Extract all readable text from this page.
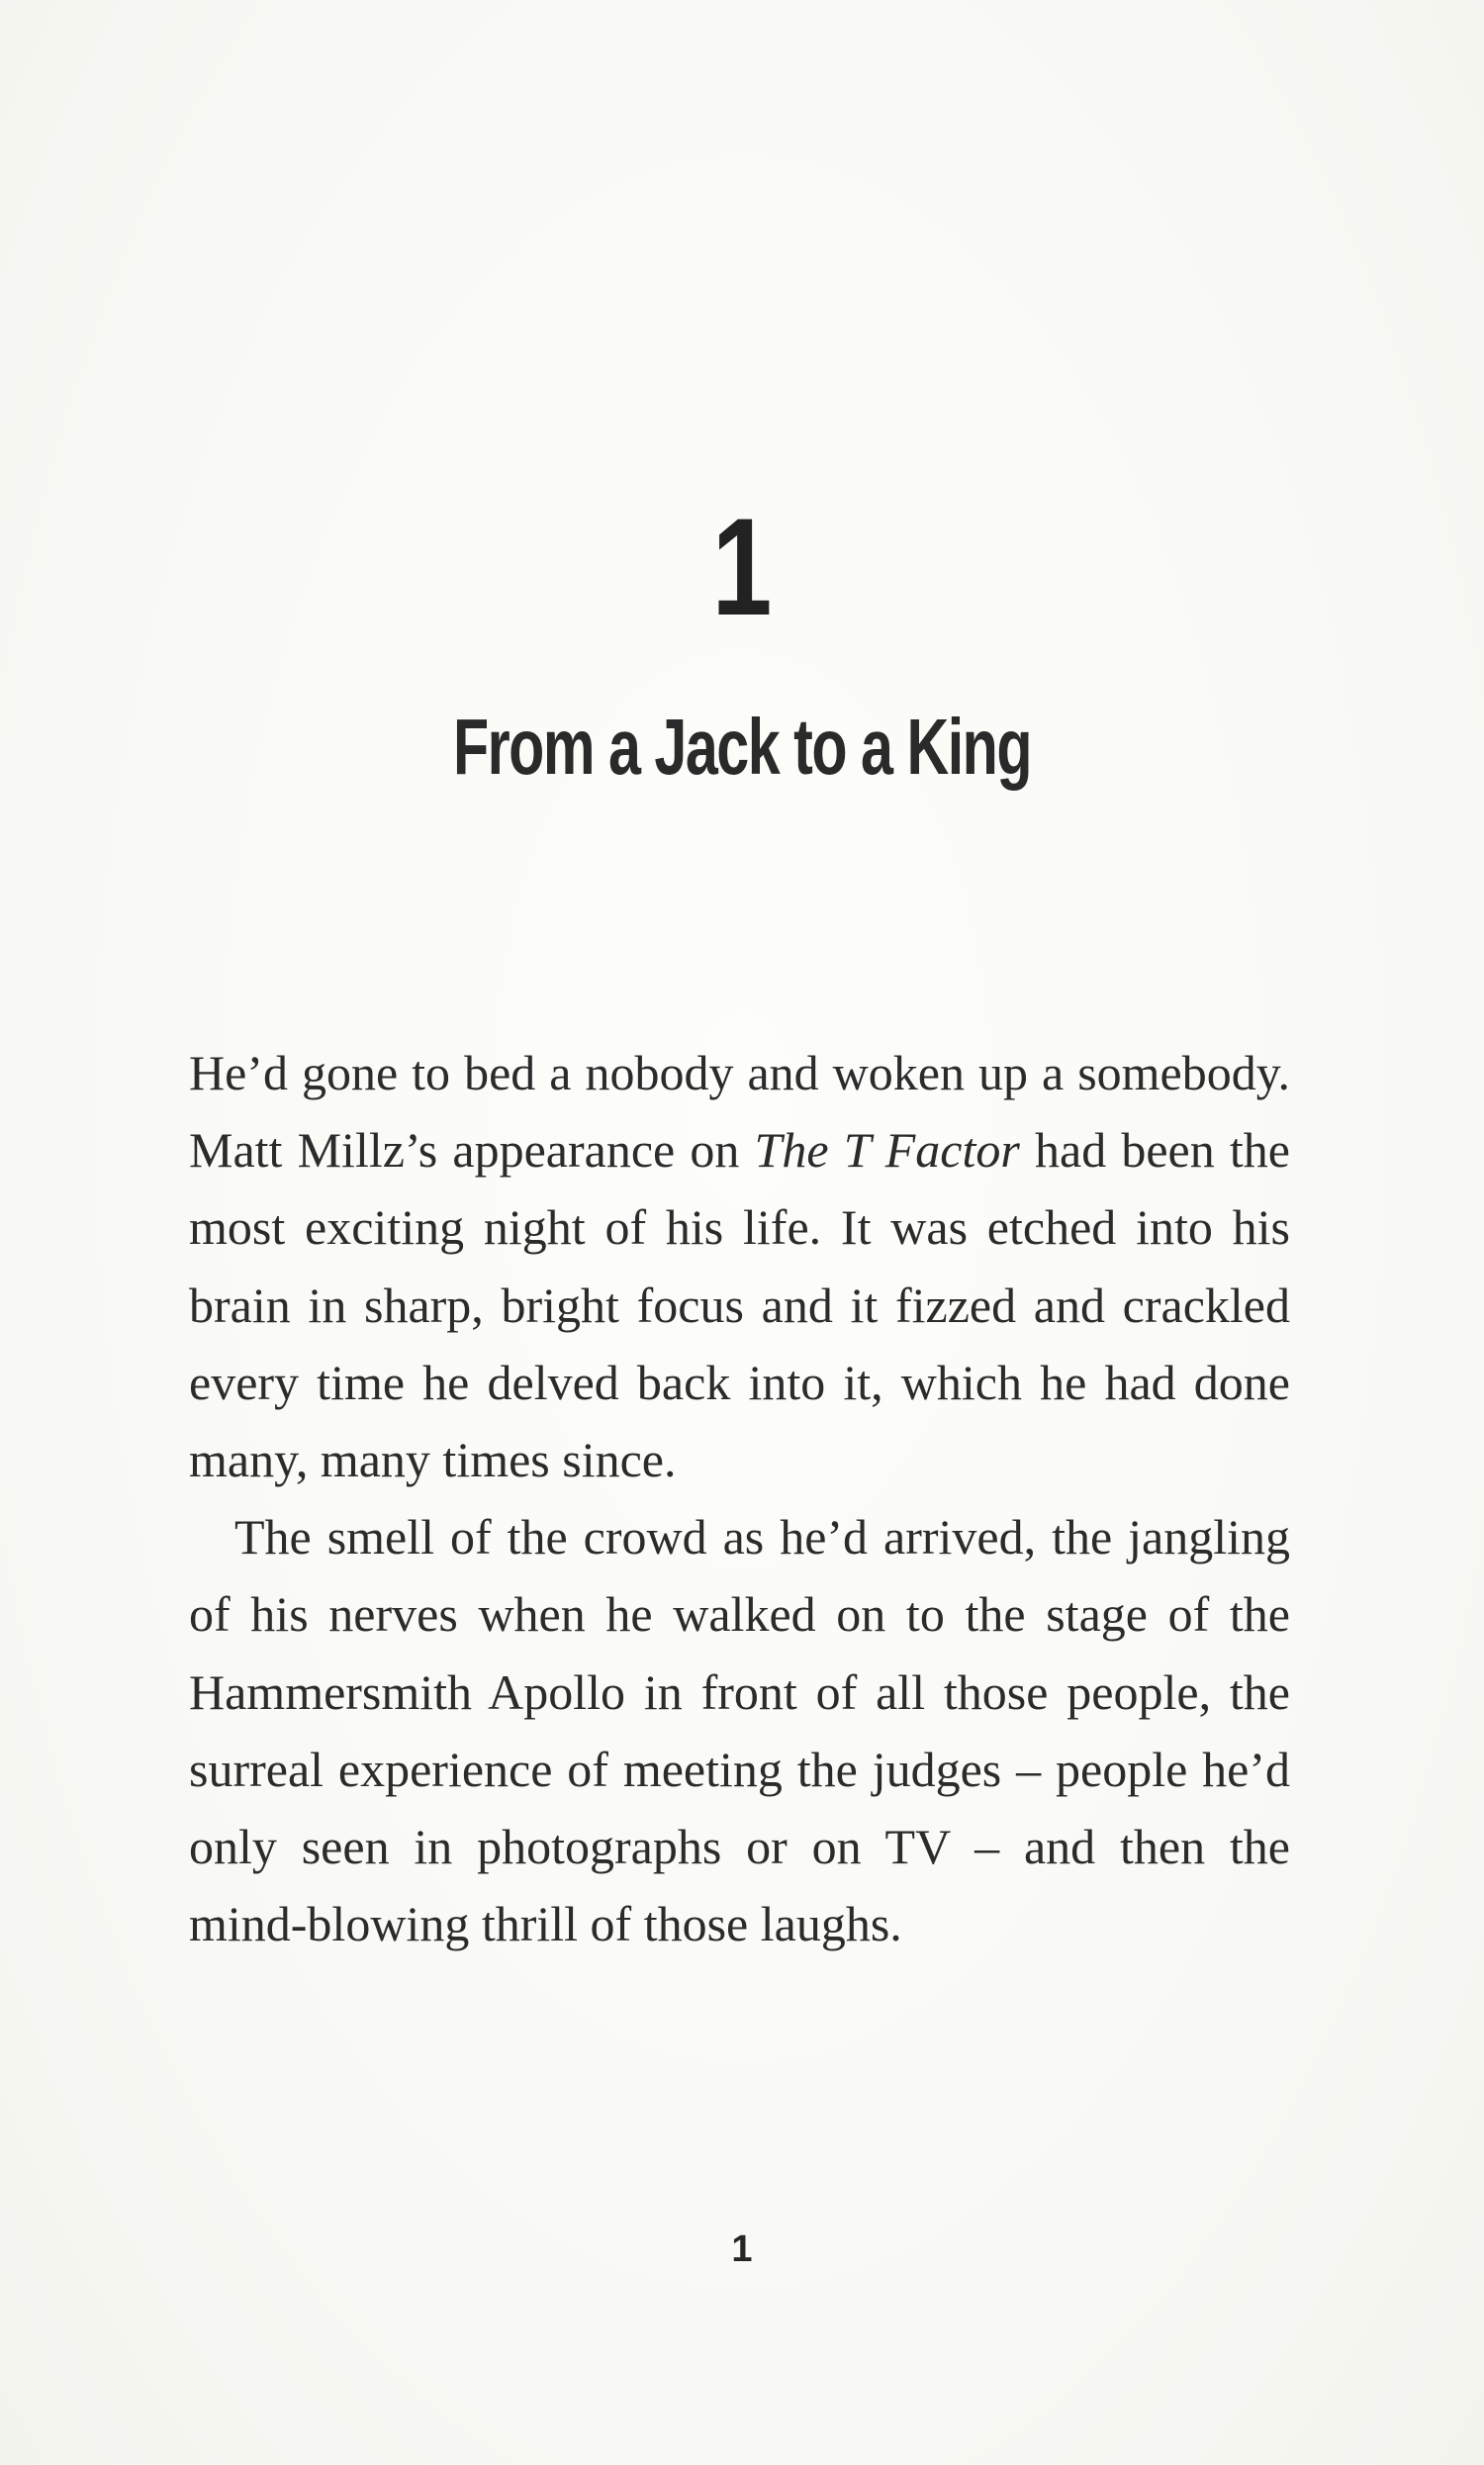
1
From a Jack to a King

He’d gone to bed a nobody and woken up a somebody. Matt Millz’s appearance on The T Factor had been the most exciting night of his life. It was etched into his brain in sharp, bright focus and it fizzed and crackled every time he delved back into it, which he had done many, many times since.

The smell of the crowd as he’d arrived, the jangling of his nerves when he walked on to the stage of the Hammersmith Apollo in front of all those people, the surreal experience of meeting the judges – people he’d only seen in photographs or on TV – and then the mind-blowing thrill of those laughs.

1
